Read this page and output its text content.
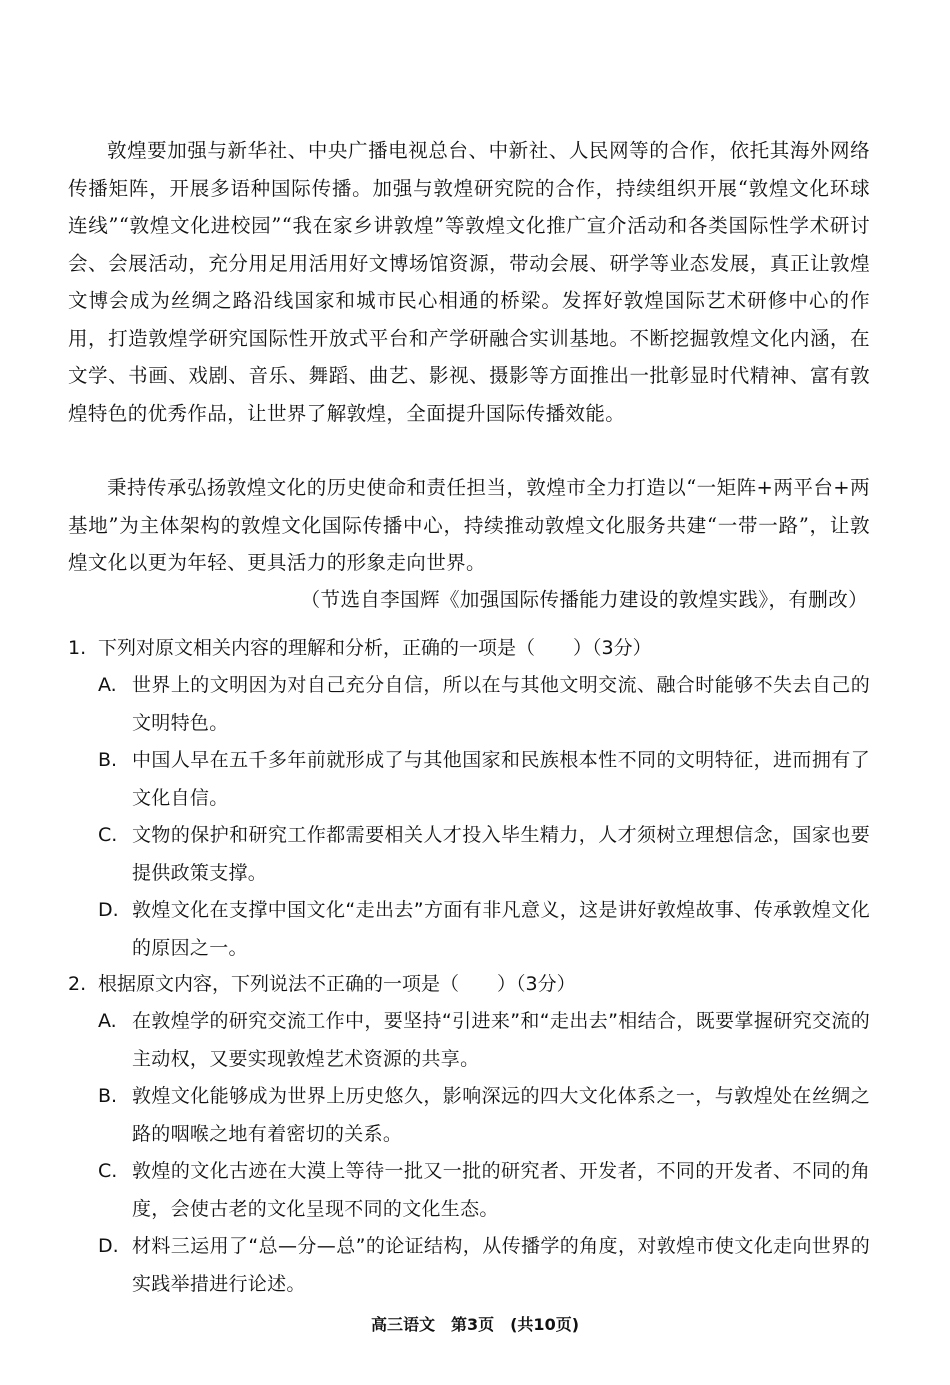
敦煌要加强与新华社、中央广播电视总台、中新社、人民网等的合作，依托其海外网络传播矩阵，开展多语种国际传播。加强与敦煌研究院的合作，持续组织开展“敦煌文化环球连线”“敦煌文化进校园”“我在家乡讲敦煌”等敦煌文化推广宣介活动和各类国际性学术研讨会、会展活动，充分用足用活用好文博场馆资源，带动会展、研学等业态发展，真正让敦煌文博会成为丝绸之路沿线国家和城市民心相通的桥梁。发挥好敦煌国际艺术研修中心的作用，打造敦煌学研究国际性开放式平台和产学研融合实训基地。不断挖掘敦煌文化内涵，在文学、书画、戏剧、音乐、舞蹈、曲艺、影视、摄影等方面推出一批彰显时代精神、富有敦煌特色的优秀作品，让世界了解敦煌，全面提升国际传播效能。
秉持传承弘扬敦煌文化的历史使命和责任担当，敦煌市全力打造以“一矩阵+两平台+两基地”为主体架构的敦煌文化国际传播中心，持续推动敦煌文化服务共建“一带一路”，让敦煌文化以更为年轻、更具活力的形象走向世界。
（节选自李国辉《加强国际传播能力建设的敦煌实践》，有删改）
1. 下列对原文相关内容的理解和分析，正确的一项是（　　）（3分）
A. 世界上的文明因为对自己充分自信，所以在与其他文明交流、融合时能够不失去自己的文明特色。
B. 中国人早在五千多年前就形成了与其他国家和民族根本性不同的文明特征，进而拥有了文化自信。
C. 文物的保护和研究工作都需要相关人才投入毕生精力，人才须树立理想信念，国家也要提供政策支撑。
D. 敦煌文化在支撑中国文化“走出去”方面有非凡意义，这是讲好敦煌故事、传承敦煌文化的原因之一。
2. 根据原文内容，下列说法不正确的一项是（　　）（3分）
A. 在敦煌学的研究交流工作中，要坚持“引进来”和“走出去”相结合，既要掌握研究交流的主动权，又要实现敦煌艺术资源的共享。
B. 敦煌文化能够成为世界上历史悠久，影响深远的四大文化体系之一，与敦煌处在丝绸之路的咽喉之地有着密切的关系。
C. 敦煌的文化古迹在大漠上等待一批又一批的研究者、开发者，不同的开发者、不同的角度，会使古老的文化呈现不同的文化生态。
D. 材料三运用了“总—分—总”的论证结构，从传播学的角度，对敦煌市使文化走向世界的实践举措进行论述。
高三语文　第3页　(共10页)
